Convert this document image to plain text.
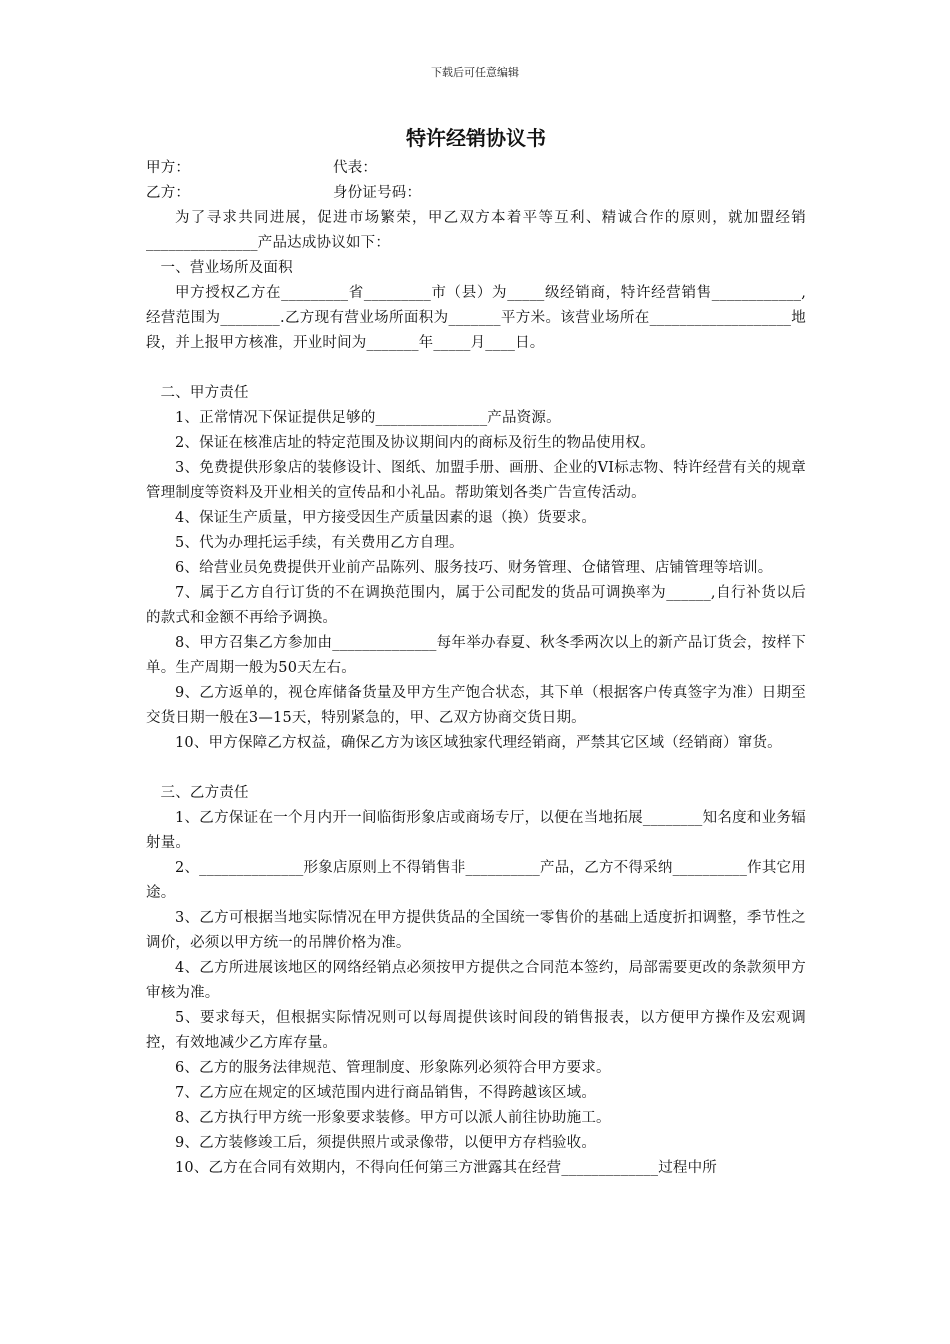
下载后可任意编辑
特许经销协议书
甲方：	代表：
乙方：	身份证号码：

为了寻求共同进展，促进市场繁荣，甲乙双方本着平等互利、精诚合作的原则，就加盟经销_______________产品达成协议如下：

一、营业场所及面积

甲方授权乙方在_________省_________市（县）为_____级经销商，特许经营销售____________,经营范围为________.乙方现有营业场所面积为_______平方米。该营业场所在___________________地段，并上报甲方核准，开业时间为_______年_____月____日。

二、甲方责任

1、正常情况下保证提供足够的_______________产品资源。

2、保证在核准店址的特定范围及协议期间内的商标及衍生的物品使用权。

3、免费提供形象店的装修设计、图纸、加盟手册、画册、企业的VI标志物、特许经营有关的规章管理制度等资料及开业相关的宣传品和小礼品。帮助策划各类广告宣传活动。

4、保证生产质量，甲方接受因生产质量因素的退（换）货要求。

5、代为办理托运手续，有关费用乙方自理。

6、给营业员免费提供开业前产品陈列、服务技巧、财务管理、仓储管理、店铺管理等培训。

7、属于乙方自行订货的不在调换范围内，属于公司配发的货品可调换率为______,自行补货以后的款式和金额不再给予调换。

8、甲方召集乙方参加由______________每年举办春夏、秋冬季两次以上的新产品订货会，按样下单。生产周期一般为50天左右。

9、乙方返单的，视仓库储备货量及甲方生产饱合状态，其下单（根据客户传真签字为准）日期至交货日期一般在3—15天，特别紧急的，甲、乙双方协商交货日期。

10、甲方保障乙方权益，确保乙方为该区域独家代理经销商，严禁其它区域（经销商）窜货。

三、乙方责任

1、乙方保证在一个月内开一间临街形象店或商场专厅，以便在当地拓展________知名度和业务辐射量。

2、______________形象店原则上不得销售非__________产品，乙方不得采纳__________作其它用途。

3、乙方可根据当地实际情况在甲方提供货品的全国统一零售价的基础上适度折扣调整，季节性之调价，必须以甲方统一的吊牌价格为准。

4、乙方所进展该地区的网络经销点必须按甲方提供之合同范本签约，局部需要更改的条款须甲方审核为准。

5、要求每天，但根据实际情况则可以每周提供该时间段的销售报表，以方便甲方操作及宏观调控，有效地减少乙方库存量。

6、乙方的服务法律规范、管理制度、形象陈列必须符合甲方要求。

7、乙方应在规定的区域范围内进行商品销售，不得跨越该区域。

8、乙方执行甲方统一形象要求装修。甲方可以派人前往协助施工。

9、乙方装修竣工后，须提供照片或录像带，以便甲方存档验收。

10、乙方在合同有效期内，不得向任何第三方泄露其在经营_____________过程中所
